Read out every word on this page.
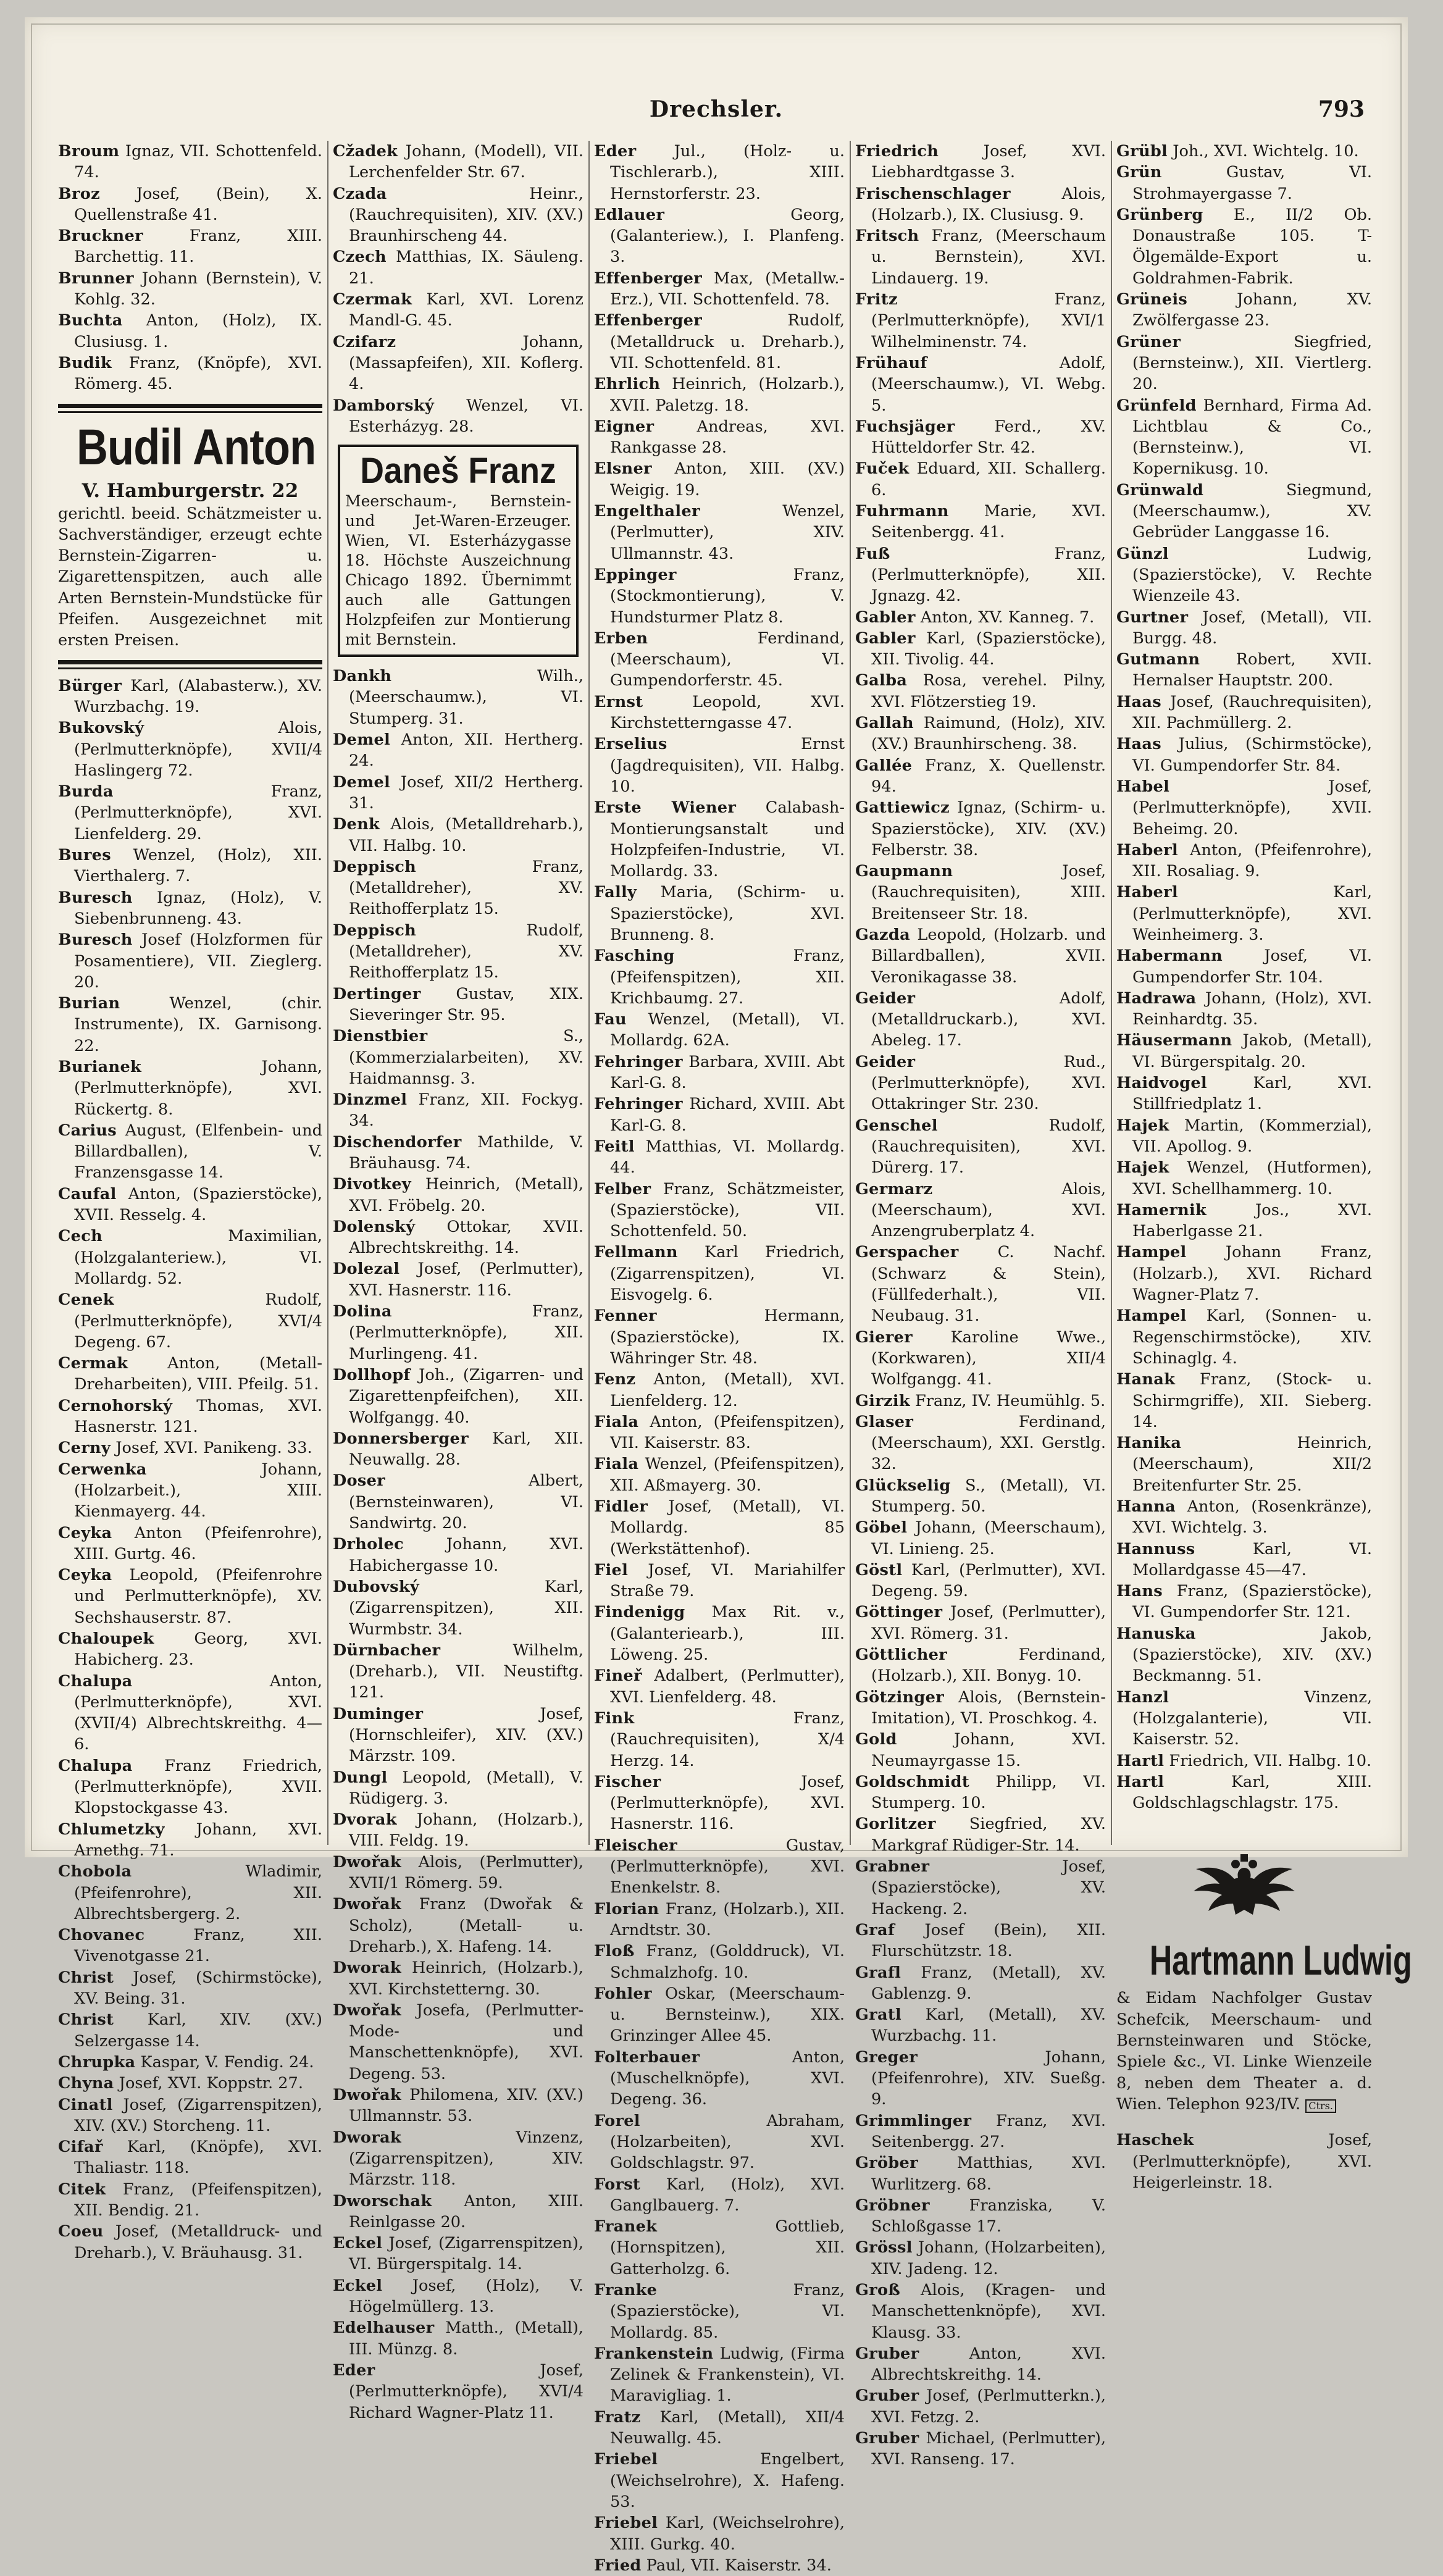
Drechsler.	793
Broum Ignaz, VII. Schottenfeld. 74.
Broz Josef, (Bein), X. Quellenstraße 41.
Bruckner Franz, XIII. Barchettig. 11.
Brunner Johann (Bernstein), V. Kohlg. 32.
Buchta Anton, (Holz), IX. Clusiusg. 1.
Budik Franz, (Knöpfe), XVI. Römerg. 45.
Budil Anton
V. Hamburgerstr. 22
gerichtl. beeid. Schätzmeister u. Sachverständiger, erzeugt echte Bernstein-Zigarren- u. Zigarettenspitzen, auch alle Arten Bernstein-Mundstücke für Pfeifen. Ausgezeichnet mit ersten Preisen.
Bürger Karl, (Alabasterw.), XV. Wurzbachg. 19.
Bukovský Alois, (Perlmutterknöpfe), XVII/4 Haslingerg 72.
Burda Franz, (Perlmutterknöpfe), XVI. Lienfelderg. 29.
Bures Wenzel, (Holz), XII. Vierthalerg. 7.
Buresch Ignaz, (Holz), V. Siebenbrunneng. 43.
Buresch Josef (Holzformen für Posamentiere), VII. Zieglerg. 20.
Burian Wenzel, (chir. Instrumente), IX. Garnisong. 22.
Burianek Johann, (Perlmutterknöpfe), XVI. Rückertg. 8.
Carius August, (Elfenbein- und Billardballen), V. Franzensgasse 14.
Caufal Anton, (Spazierstöcke), XVII. Resselg. 4.
Cech Maximilian, (Holzgalanteriew.), VI. Mollardg. 52.
Cenek Rudolf, (Perlmutterknöpfe), XVI/4 Degeng. 67.
Cermak Anton, (Metall-Dreharbeiten), VIII. Pfeilg. 51.
Cernohorský Thomas, XVI. Hasnerstr. 121.
Cerny Josef, XVI. Panikeng. 33.
Cerwenka Johann, (Holzarbeit.), XIII. Kienmayerg. 44.
Ceyka Anton (Pfeifenrohre), XIII. Gurtg. 46.
Ceyka Leopold, (Pfeifenrohre und Perlmutterknöpfe), XV. Sechshauserstr. 87.
Chaloupek Georg, XVI. Habicherg. 23.
Chalupa Anton, (Perlmutterknöpfe), XVI. (XVII/4) Albrechtskreithg. 4—6.
Chalupa Franz Friedrich, (Perlmutterknöpfe), XVII. Klopstockgasse 43.
Chlumetzky Johann, XVI. Arnethg. 71.
Chobola Wladimir, (Pfeifenrohre), XII. Albrechtsbergerg. 2.
Chovanec Franz, XII. Vivenotgasse 21.
Christ Josef, (Schirmstöcke), XV. Being. 31.
Christ Karl, XIV. (XV.) Selzergasse 14.
Chrupka Kaspar, V. Fendig. 24.
Chyna Josef, XVI. Koppstr. 27.
Cinatl Josef, (Zigarrenspitzen), XIV. (XV.) Storcheng. 11.
Cifař Karl, (Knöpfe), XVI. Thaliastr. 118.
Citek Franz, (Pfeifenspitzen), XII. Bendig. 21.
Coeu Josef, (Metalldruck- und Dreharb.), V. Bräuhausg. 31.
Cžadek Johann, (Modell), VII. Lerchenfelder Str. 67.
Czada Heinr., (Rauchrequisiten), XIV. (XV.) Braunhirscheng 44.
Czech Matthias, IX. Säuleng. 21.
Czermak Karl, XVI. Lorenz Mandl-G. 45.
Czifarz Johann, (Massapfeifen), XII. Koflerg. 4.
Damborský Wenzel, VI. Esterházyg. 28.
Daneš Franz
Meerschaum-, Bernstein- und Jet-Waren-Erzeuger. Wien, VI. Esterházygasse 18. Höchste Auszeichnung Chicago 1892. Übernimmt auch alle Gattungen Holzpfeifen zur Montierung mit Bernstein.
Dankh Wilh., (Meerschaumw.), VI. Stumperg. 31.
Demel Anton, XII. Hertherg. 24.
Demel Josef, XII/2 Hertherg. 31.
Denk Alois, (Metalldreharb.), VII. Halbg. 10.
Deppisch Franz, (Metalldreher), XV. Reithofferplatz 15.
Deppisch Rudolf, (Metalldreher), XV. Reithofferplatz 15.
Dertinger Gustav, XIX. Sieveringer Str. 95.
Dienstbier S., (Kommerzialarbeiten), XV. Haidmannsg. 3.
Dinzmel Franz, XII. Fockyg. 34.
Dischendorfer Mathilde, V. Bräuhausg. 74.
Divotkey Heinrich, (Metall), XVI. Fröbelg. 20.
Dolenský Ottokar, XVII. Albrechtskreithg. 14.
Dolezal Josef, (Perlmutter), XVI. Hasnerstr. 116.
Dolina Franz, (Perlmutterknöpfe), XII. Murlingeng. 41.
Dollhopf Joh., (Zigarren- und Zigarettenpfeifchen), XII. Wolfgangg. 40.
Donnersberger Karl, XII. Neuwallg. 28.
Doser Albert, (Bernsteinwaren), VI. Sandwirtg. 20.
Drholec Johann, XVI. Habichergasse 10.
Dubovský Karl, (Zigarrenspitzen), XII. Wurmbstr. 34.
Dürnbacher Wilhelm, (Dreharb.), VII. Neustiftg. 121.
Duminger Josef, (Hornschleifer), XIV. (XV.) Märzstr. 109.
Dungl Leopold, (Metall), V. Rüdigerg. 3.
Dvorak Johann, (Holzarb.), VIII. Feldg. 19.
Dwořak Alois, (Perlmutter), XVII/1 Römerg. 59.
Dwořak Franz (Dwořak & Scholz), (Metall- u. Dreharb.), X. Hafeng. 14.
Dworak Heinrich, (Holzarb.), XVI. Kirchstetterng. 30.
Dwořak Josefa, (Perlmutter-Mode- und Manschettenknöpfe), XVI. Degeng. 53.
Dwořak Philomena, XIV. (XV.) Ullmannstr. 53.
Dworak Vinzenz, (Zigarrenspitzen), XIV. Märzstr. 118.
Dworschak Anton, XIII. Reinlgasse 20.
Eckel Josef, (Zigarrenspitzen), VI. Bürgerspitalg. 14.
Eckel Josef, (Holz), V. Högelmüllerg. 13.
Edelhauser Matth., (Metall), III. Münzg. 8.
Eder Josef, (Perlmutterknöpfe), XVI/4 Richard Wagner-Platz 11.
Eder Jul., (Holz- u. Tischlerarb.), XIII. Hernstorferstr. 23.
Edlauer Georg, (Galanteriew.), I. Planfeng. 3.
Effenberger Max, (Metallw.-Erz.), VII. Schottenfeld. 78.
Effenberger Rudolf, (Metalldruck u. Dreharb.), VII. Schottenfeld. 81.
Ehrlich Heinrich, (Holzarb.), XVII. Paletzg. 18.
Eigner Andreas, XVI. Rankgasse 28.
Elsner Anton, XIII. (XV.) Weigig. 19.
Engelthaler Wenzel, (Perlmutter), XIV. Ullmannstr. 43.
Eppinger Franz, (Stockmontierung), V. Hundsturmer Platz 8.
Erben Ferdinand, (Meerschaum), VI. Gumpendorferstr. 45.
Ernst Leopold, XVI. Kirchstetterngasse 47.
Erselius Ernst (Jagdrequisiten), VII. Halbg. 10.
Erste Wiener Calabash-Montierungsanstalt und Holzpfeifen-Industrie, VI. Mollardg. 33.
Fally Maria, (Schirm- u. Spazierstöcke), XVI. Brunneng. 8.
Fasching Franz, (Pfeifenspitzen), XII. Krichbaumg. 27.
Fau Wenzel, (Metall), VI. Mollardg. 62A.
Fehringer Barbara, XVIII. Abt Karl-G. 8.
Fehringer Richard, XVIII. Abt Karl-G. 8.
Feitl Matthias, VI. Mollardg. 44.
Felber Franz, Schätzmeister, (Spazierstöcke), VII. Schottenfeld. 50.
Fellmann Karl Friedrich, (Zigarrenspitzen), VI. Eisvogelg. 6.
Fenner Hermann, (Spazierstöcke), IX. Währinger Str. 48.
Fenz Anton, (Metall), XVI. Lienfelderg. 12.
Fiala Anton, (Pfeifenspitzen), VII. Kaiserstr. 83.
Fiala Wenzel, (Pfeifenspitzen), XII. Aßmayerg. 30.
Fidler Josef, (Metall), VI. Mollardg. 85 (Werkstättenhof).
Fiel Josef, VI. Mariahilfer Straße 79.
Findenigg Max Rit. v., (Galanteriearb.), III. Löweng. 25.
Fineř Adalbert, (Perlmutter), XVI. Lienfelderg. 48.
Fink Franz, (Rauchrequisiten), X/4 Herzg. 14.
Fischer Josef, (Perlmutterknöpfe), XVI. Hasnerstr. 116.
Fleischer Gustav, (Perlmutterknöpfe), XVI. Enenkelstr. 8.
Florian Franz, (Holzarb.), XII. Arndtstr. 30.
Floß Franz, (Golddruck), VI. Schmalzhofg. 10.
Fohler Oskar, (Meerschaum- u. Bernsteinw.), XIX. Grinzinger Allee 45.
Folterbauer Anton, (Muschelknöpfe), XVI. Degeng. 36.
Forel Abraham, (Holzarbeiten), XVI. Goldschlagstr. 97.
Forst Karl, (Holz), XVI. Ganglbauerg. 7.
Franek Gottlieb, (Hornspitzen), XII. Gatterholzg. 6.
Franke Franz, (Spazierstöcke), VI. Mollardg. 85.
Frankenstein Ludwig, (Firma Zelinek & Frankenstein), VI. Maravigliag. 1.
Fratz Karl, (Metall), XII/4 Neuwallg. 45.
Friebel Engelbert, (Weichselrohre), X. Hafeng. 53.
Friebel Karl, (Weichselrohre), XIII. Gurkg. 40.
Fried Paul, VII. Kaiserstr. 34.
Friedrich Josef, XVI. Liebhardtgasse 3.
Frischenschlager Alois, (Holzarb.), IX. Clusiusg. 9.
Fritsch Franz, (Meerschaum u. Bernstein), XVI. Lindauerg. 19.
Fritz Franz, (Perlmutterknöpfe), XVI/1 Wilhelminenstr. 74.
Frühauf Adolf, (Meerschaumw.), VI. Webg. 5.
Fuchsjäger Ferd., XV. Hütteldorfer Str. 42.
Fuček Eduard, XII. Schallerg. 6.
Fuhrmann Marie, XVI. Seitenbergg. 41.
Fuß Franz, (Perlmutterknöpfe), XII. Jgnazg. 42.
Gabler Anton, XV. Kanneg. 7.
Gabler Karl, (Spazierstöcke), XII. Tivolig. 44.
Galba Rosa, verehel. Pilny, XVI. Flötzerstieg 19.
Gallah Raimund, (Holz), XIV. (XV.) Braunhirscheng. 38.
Gallée Franz, X. Quellenstr. 94.
Gattiewicz Ignaz, (Schirm- u. Spazierstöcke), XIV. (XV.) Felberstr. 38.
Gaupmann Josef, (Rauchrequisiten), XIII. Breitenseer Str. 18.
Gazda Leopold, (Holzarb. und Billardballen), XVII. Veronikagasse 38.
Geider Adolf, (Metalldruckarb.), XVI. Abeleg. 17.
Geider Rud., (Perlmutterknöpfe), XVI. Ottakringer Str. 230.
Genschel Rudolf, (Rauchrequisiten), XVI. Dürerg. 17.
Germarz Alois, (Meerschaum), XVI. Anzengruberplatz 4.
Gerspacher C. Nachf. (Schwarz & Stein), (Füllfederhalt.), VII. Neubaug. 31.
Gierer Karoline Wwe., (Korkwaren), XII/4 Wolfgangg. 41.
Girzik Franz, IV. Heumühlg. 5.
Glaser Ferdinand, (Meerschaum), XXI. Gerstlg. 32.
Glückselig S., (Metall), VI. Stumperg. 50.
Göbel Johann, (Meerschaum), VI. Linieng. 25.
Göstl Karl, (Perlmutter), XVI. Degeng. 59.
Göttinger Josef, (Perlmutter), XVI. Römerg. 31.
Göttlicher Ferdinand, (Holzarb.), XII. Bonyg. 10.
Götzinger Alois, (Bernstein-Imitation), VI. Proschkog. 4.
Gold Johann, XVI. Neumayrgasse 15.
Goldschmidt Philipp, VI. Stumperg. 10.
Gorlitzer Siegfried, XV. Markgraf Rüdiger-Str. 14.
Grabner Josef, (Spazierstöcke), XV. Hackeng. 2.
Graf Josef (Bein), XII. Flurschützstr. 18.
Grafl Franz, (Metall), XV. Gablenzg. 9.
Gratl Karl, (Metall), XV. Wurzbachg. 11.
Greger Johann, (Pfeifenrohre), XIV. Sueßg. 9.
Grimmlinger Franz, XVI. Seitenbergg. 27.
Gröber Matthias, XVI. Wurlitzerg. 68.
Gröbner Franziska, V. Schloßgasse 17.
Grössl Johann, (Holzarbeiten), XIV. Jadeng. 12.
Groß Alois, (Kragen- und Manschettenknöpfe), XVI. Klausg. 33.
Gruber Anton, XVI. Albrechtskreithg. 14.
Gruber Josef, (Perlmutterkn.), XVI. Fetzg. 2.
Gruber Michael, (Perlmutter), XVI. Ranseng. 17.
Grübl Joh., XVI. Wichtelg. 10.
Grün Gustav, VI. Strohmayergasse 7.
Grünberg E., II/2 Ob. Donaustraße 105. T-Ölgemälde-Export u. Goldrahmen-Fabrik.
Grüneis Johann, XV. Zwölfergasse 23.
Grüner Siegfried, (Bernsteinw.), XII. Viertlerg. 20.
Grünfeld Bernhard, Firma Ad. Lichtblau & Co., (Bernsteinw.), VI. Kopernikusg. 10.
Grünwald Siegmund, (Meerschaumw.), XV. Gebrüder Langgasse 16.
Günzl Ludwig, (Spazierstöcke), V. Rechte Wienzeile 43.
Gurtner Josef, (Metall), VII. Burgg. 48.
Gutmann Robert, XVII. Hernalser Hauptstr. 200.
Haas Josef, (Rauchrequisiten), XII. Pachmüllerg. 2.
Haas Julius, (Schirmstöcke), VI. Gumpendorfer Str. 84.
Habel Josef, (Perlmutterknöpfe), XVII. Beheimg. 20.
Haberl Anton, (Pfeifenrohre), XII. Rosaliag. 9.
Haberl Karl, (Perlmutterknöpfe), XVI. Weinheimerg. 3.
Habermann Josef, VI. Gumpendorfer Str. 104.
Hadrawa Johann, (Holz), XVI. Reinhardtg. 35.
Häusermann Jakob, (Metall), VI. Bürgerspitalg. 20.
Haidvogel Karl, XVI. Stillfriedplatz 1.
Hajek Martin, (Kommerzial), VII. Apollog. 9.
Hajek Wenzel, (Hutformen), XVI. Schellhammerg. 10.
Hamernik Jos., XVI. Haberlgasse 21.
Hampel Johann Franz, (Holzarb.), XVI. Richard Wagner-Platz 7.
Hampel Karl, (Sonnen- u. Regenschirmstöcke), XIV. Schinaglg. 4.
Hanak Franz, (Stock- u. Schirmgriffe), XII. Sieberg. 14.
Hanika Heinrich, (Meerschaum), XII/2 Breitenfurter Str. 25.
Hanna Anton, (Rosenkränze), XVI. Wichtelg. 3.
Hannuss Karl, VI. Mollardgasse 45—47.
Hans Franz, (Spazierstöcke), VI. Gumpendorfer Str. 121.
Hanuska Jakob, (Spazierstöcke), XIV. (XV.) Beckmanng. 51.
Hanzl Vinzenz, (Holzgalanterie), VII. Kaiserstr. 52.
Hartl Friedrich, VII. Halbg. 10.
Hartl Karl, XIII. Goldschlagschlagstr. 175.
Hartmann Ludwig
& Eidam Nachfolger Gustav Schefcik, Meerschaum- und Bernsteinwaren und Stöcke, Spiele &c., VI. Linke Wienzeile 8, neben dem Theater a. d. Wien. Telephon 923/IV. Ctrs.
Haschek Josef, (Perlmutterknöpfe), XVI. Heigerleinstr. 18.
